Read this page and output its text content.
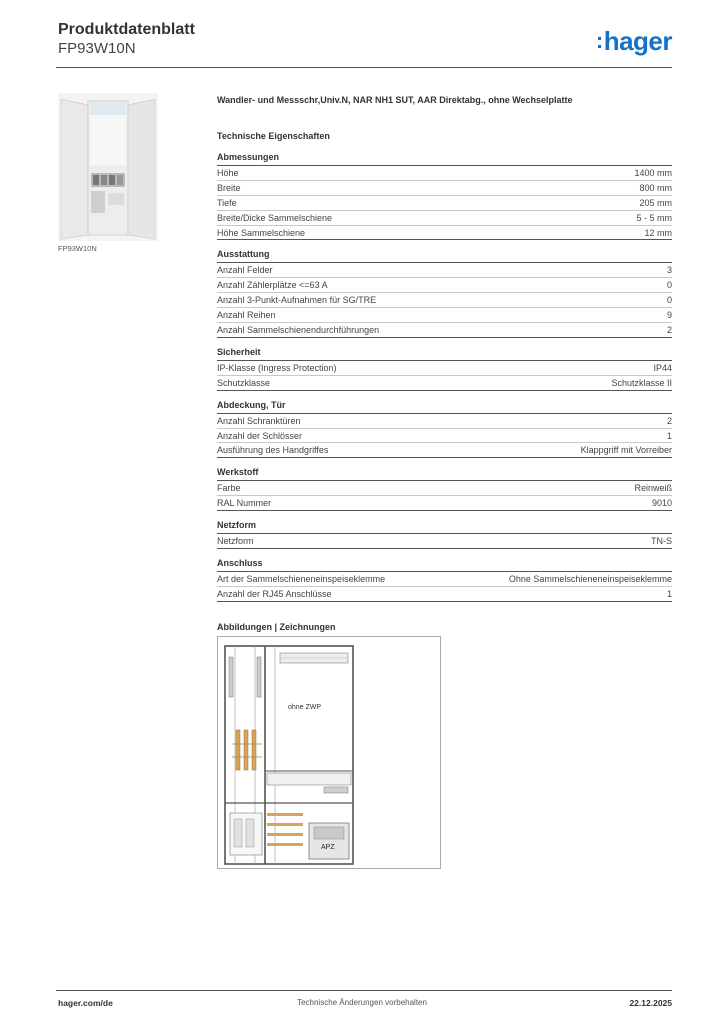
Produktdatenblatt
FP93W10N	:hager
FP93W10N
Wandler- und Messschr,Univ.N, NAR NH1 SUT, AAR Direktabg., ohne Wechselplatte
Technische Eigenschaften
Abmessungen
Höhe	1400 mm
Breite	800 mm
Tiefe	205 mm
Breite/Dicke Sammelschiene	5 - 5 mm
Höhe Sammelschiene	12 mm
Ausstattung
Anzahl Felder	3
Anzahl Zählerplätze <=63 A	0
Anzahl 3-Punkt-Aufnahmen für SG/TRE	0
Anzahl Reihen	9
Anzahl Sammelschienendurchführungen	2
Sicherheit
IP-Klasse (Ingress Protection)	IP44
Schutzklasse	Schutzklasse II
Abdeckung, Tür
Anzahl Schranktüren	2
Anzahl der Schlösser	1
Ausführung des Handgriffes	Klappgriff mit Vorreiber
Werkstoff
Farbe	Reinweiß
RAL Nummer	9010
Netzform
Netzform	TN-S
Anschluss
Art der Sammelschieneneinspeiseklemme	Ohne Sammelschieneneinspeiseklemme
Anzahl der RJ45 Anschlüsse	1
Abbildungen | Zeichnungen
ohne ZWP
APZ
hager.com/de	Technische Änderungen vorbehalten	22.12.2025
